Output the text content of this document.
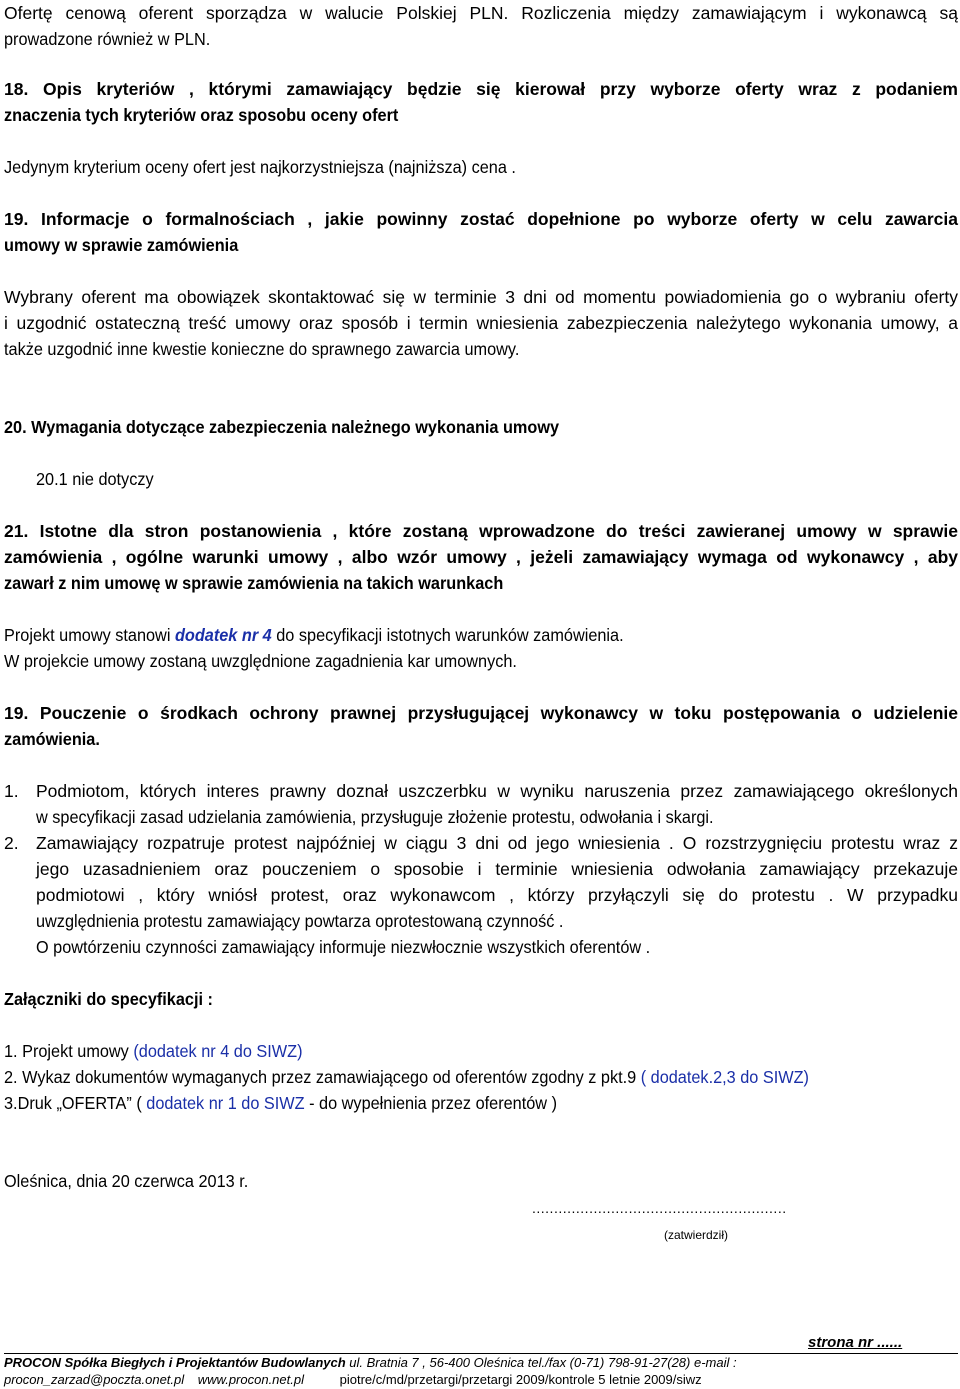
Ofertę cenową oferent sporządza w walucie Polskiej PLN. Rozliczenia między zamawiającym i wykonawcą są
prowadzone również w PLN.
18. Opis kryteriów , którymi zamawiający będzie się kierował przy wyborze oferty wraz z podaniem
znaczenia tych kryteriów oraz sposobu oceny ofert
Jedynym kryterium oceny ofert jest najkorzystniejsza (najniższa) cena .
19. Informacje o formalnościach , jakie powinny zostać dopełnione po wyborze oferty w celu zawarcia
umowy w sprawie zamówienia
Wybrany oferent ma obowiązek skontaktować się w terminie 3 dni od momentu powiadomienia go o wybraniu oferty
i uzgodnić ostateczną treść umowy oraz sposób i termin wniesienia zabezpieczenia należytego wykonania umowy, a
także uzgodnić inne kwestie konieczne do sprawnego zawarcia umowy.
20. Wymagania dotyczące zabezpieczenia należnego wykonania umowy
20.1 nie dotyczy
21. Istotne dla stron postanowienia , które zostaną wprowadzone do treści zawieranej umowy w sprawie
zamówienia , ogólne warunki umowy , albo wzór umowy , jeżeli zamawiający wymaga od wykonawcy , aby
zawarł z nim umowę w sprawie zamówienia na takich warunkach
Projekt umowy stanowi dodatek nr 4 do specyfikacji istotnych warunków zamówienia.
W projekcie umowy zostaną uwzględnione zagadnienia kar umownych.
19. Pouczenie o środkach ochrony prawnej przysługującej wykonawcy w toku postępowania o udzielenie
zamówienia.
1. Podmiotom, których interes prawny doznał uszczerbku w wyniku naruszenia przez zamawiającego określonych
w specyfikacji zasad udzielania zamówienia, przysługuje złożenie protestu, odwołania i skargi.
2. Zamawiający rozpatruje protest najpóźniej w ciągu 3 dni od jego wniesienia . O rozstrzygnięciu protestu wraz z
jego uzasadnieniem oraz pouczeniem o sposobie i terminie wniesienia odwołania zamawiający przekazuje
podmiotowi , który wniósł protest, oraz wykonawcom , którzy przyłączyli się do protestu . W przypadku
uwzględnienia protestu zamawiający powtarza oprotestowaną czynność .
O powtórzeniu czynności zamawiający informuje niezwłocznie wszystkich oferentów .
Załączniki do specyfikacji :
1. Projekt umowy (dodatek nr 4 do SIWZ)
2. Wykaz dokumentów wymaganych przez zamawiającego od oferentów zgodny z pkt.9 ( dodatek.2,3 do SIWZ)
3.Druk „OFERTA” ( dodatek nr 1 do SIWZ - do wypełnienia przez oferentów )
Oleśnica, dnia 20 czerwca 2013 r.
..........................................................
(zatwierdził)
strona nr ......
PROCON Spółka Biegłych i Projektantów Budowlanych ul. Bratnia 7 , 56-400 Oleśnica tel./fax (0-71) 798-91-27(28) e-mail :
procon_zarzad@poczta.onet.pl www.procon.net.pl	piotre/c/md/przetargi/przetargi 2009/kontrole 5 letnie 2009/siwz
